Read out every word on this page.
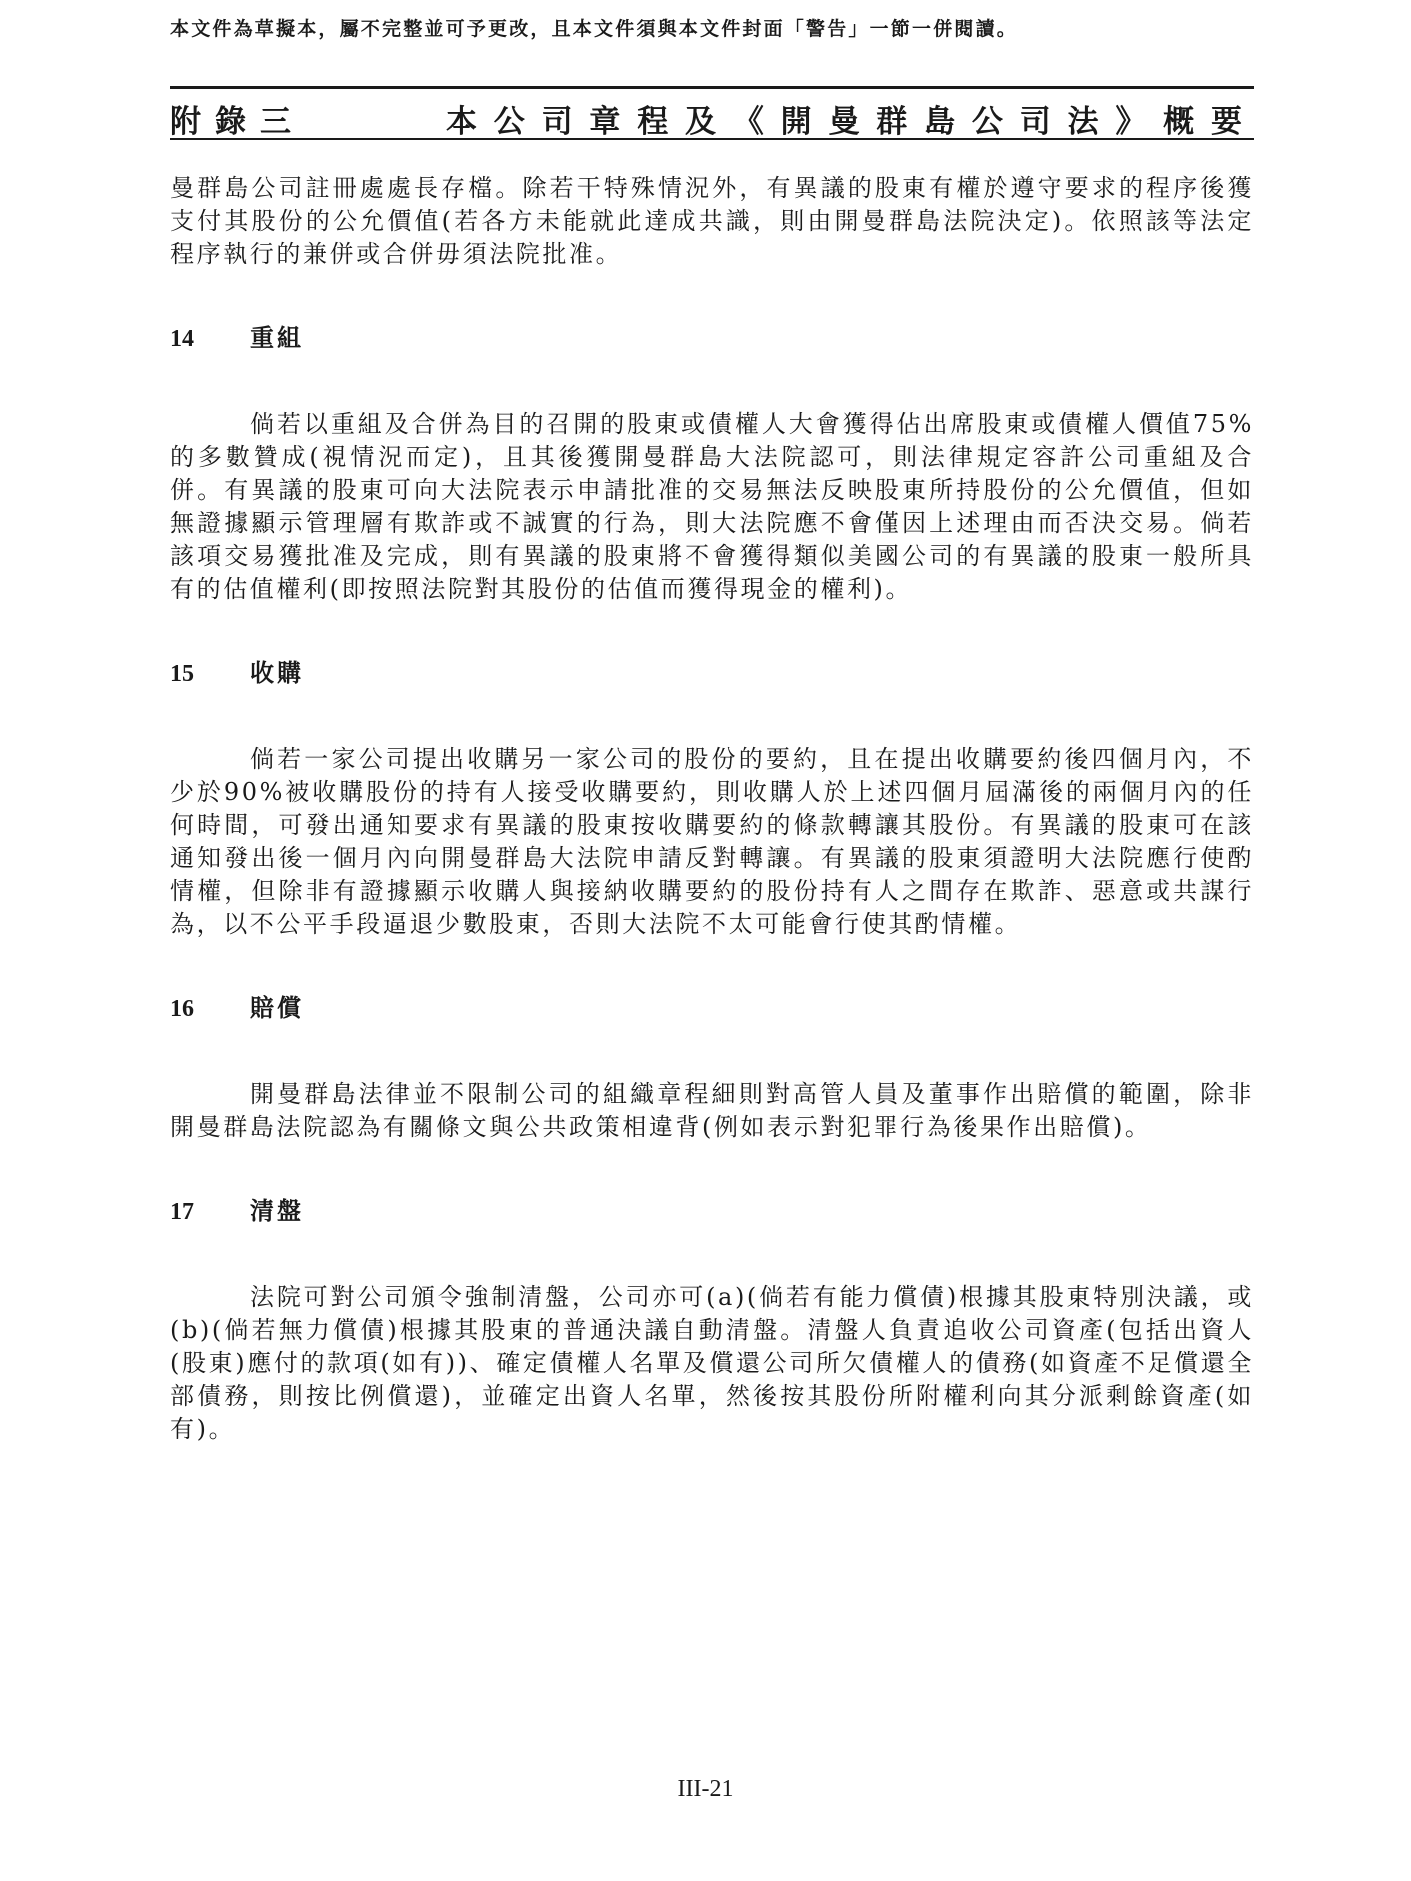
本文件為草擬本，屬不完整並可予更改，且本文件須與本文件封面「警告」一節一併閱讀。
附錄三	本公司章程及《開曼群島公司法》概要

曼群島公司註冊處處長存檔。除若干特殊情況外，有異議的股東有權於遵守要求的程序後獲支付其股份的公允價值(若各方未能就此達成共識，則由開曼群島法院決定)。依照該等法定程序執行的兼併或合併毋須法院批准。

14 重組

倘若以重組及合併為目的召開的股東或債權人大會獲得佔出席股東或債權人價值75%的多數贊成(視情況而定)，且其後獲開曼群島大法院認可，則法律規定容許公司重組及合併。有異議的股東可向大法院表示申請批准的交易無法反映股東所持股份的公允價值，但如無證據顯示管理層有欺詐或不誠實的行為，則大法院應不會僅因上述理由而否決交易。倘若該項交易獲批准及完成，則有異議的股東將不會獲得類似美國公司的有異議的股東一般所具有的估值權利(即按照法院對其股份的估值而獲得現金的權利)。

15 收購

倘若一家公司提出收購另一家公司的股份的要約，且在提出收購要約後四個月內，不少於90%被收購股份的持有人接受收購要約，則收購人於上述四個月屆滿後的兩個月內的任何時間，可發出通知要求有異議的股東按收購要約的條款轉讓其股份。有異議的股東可在該通知發出後一個月內向開曼群島大法院申請反對轉讓。有異議的股東須證明大法院應行使酌情權，但除非有證據顯示收購人與接納收購要約的股份持有人之間存在欺詐、惡意或共謀行為，以不公平手段逼退少數股東，否則大法院不太可能會行使其酌情權。

16 賠償

開曼群島法律並不限制公司的組織章程細則對高管人員及董事作出賠償的範圍，除非開曼群島法院認為有關條文與公共政策相違背(例如表示對犯罪行為後果作出賠償)。

17 清盤

法院可對公司頒令強制清盤，公司亦可(a)(倘若有能力償債)根據其股東特別決議，或(b)(倘若無力償債)根據其股東的普通決議自動清盤。清盤人負責追收公司資產(包括出資人(股東)應付的款項(如有))、確定債權人名單及償還公司所欠債權人的債務(如資產不足償還全部債務，則按比例償還)，並確定出資人名單，然後按其股份所附權利向其分派剩餘資產(如有)。

III-21
